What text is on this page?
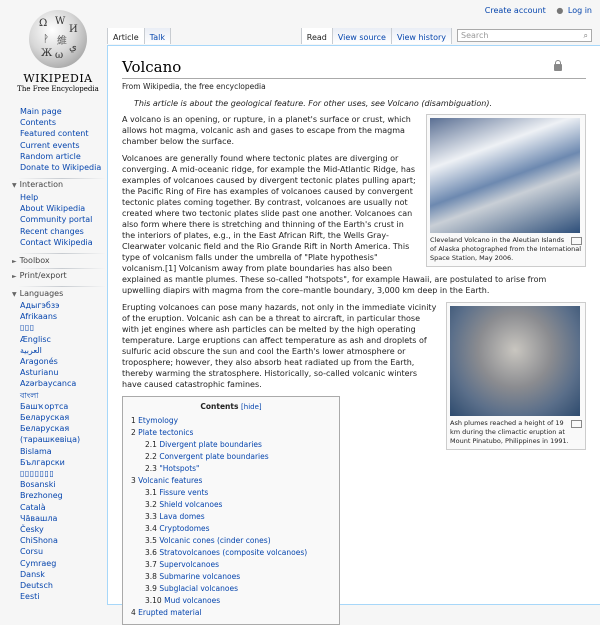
Ω W
И
ᚹ 維
ي
Ж ω
WIKIPEDIA
The Free Encyclopedia
Create account ● Log in
Article	Talk	Read	View source	View history	Search	⌕
Main page
Contents
Featured content
Current events
Random article
Donate to Wikipedia
▼ Interaction
Help
About Wikipedia
Community portal
Recent changes
Contact Wikipedia
► Toolbox
► Print/export
▼ Languages
Адыгэбзэ
Afrikaans
▯▯▯
Ænglisc
العربية
Aragonés
Asturianu
Azərbaycanca
বাংলা
Башҡортса
Беларуская
Беларуская (тарашкевіца)
Bislama
Български
▯▯▯▯▯▯▯
Bosanski
Brezhoneg
Català
Чăвашла
Česky
ChiShona
Corsu
Cymraeg
Dansk
Deutsch
Eesti
Volcano
From Wikipedia, the free encyclopedia
This article is about the geological feature. For other uses, see Volcano (disambiguation).
Cleveland Volcano in the Aleutian Islands of Alaska photographed from the International Space Station, May 2006.

A volcano is an opening, or rupture, in a planet's surface or crust, which allows hot magma, volcanic ash and gases to escape from the magma chamber below the surface.

Volcanoes are generally found where tectonic plates are diverging or converging. A mid-oceanic ridge, for example the Mid-Atlantic Ridge, has examples of volcanoes caused by divergent tectonic plates pulling apart; the Pacific Ring of Fire has examples of volcanoes caused by convergent tectonic plates coming together. By contrast, volcanoes are usually not created where two tectonic plates slide past one another. Volcanoes can also form where there is stretching and thinning of the Earth's crust in the interiors of plates, e.g., in the East African Rift, the Wells Gray-Clearwater volcanic field and the Rio Grande Rift in North America. This type of volcanism falls under the umbrella of "Plate hypothesis" volcanism.[1] Volcanism away from plate boundaries has also been explained as mantle plumes. These so-called "hotspots", for example Hawaii, are postulated to arise from upwelling diapirs with magma from the core–mantle boundary, 3,000 km deep in the Earth.

Ash plumes reached a height of 19 km during the climactic eruption at Mount Pinatubo, Philippines in 1991.

Erupting volcanoes can pose many hazards, not only in the immediate vicinity of the eruption. Volcanic ash can be a threat to aircraft, in particular those with jet engines where ash particles can be melted by the high operating temperature. Large eruptions can affect temperature as ash and droplets of sulfuric acid obscure the sun and cool the Earth's lower atmosphere or troposphere; however, they also absorb heat radiated up from the Earth, thereby warming the stratosphere. Historically, so-called volcanic winters have caused catastrophic famines.

Contents [hide]
1 Etymology
2 Plate tectonics
2.1 Divergent plate boundaries
2.2 Convergent plate boundaries
2.3 "Hotspots"
3 Volcanic features
3.1 Fissure vents
3.2 Shield volcanoes
3.3 Lava domes
3.4 Cryptodomes
3.5 Volcanic cones (cinder cones)
3.6 Stratovolcanoes (composite volcanoes)
3.7 Supervolcanoes
3.8 Submarine volcanoes
3.9 Subglacial volcanoes
3.10 Mud volcanoes
4 Erupted material
